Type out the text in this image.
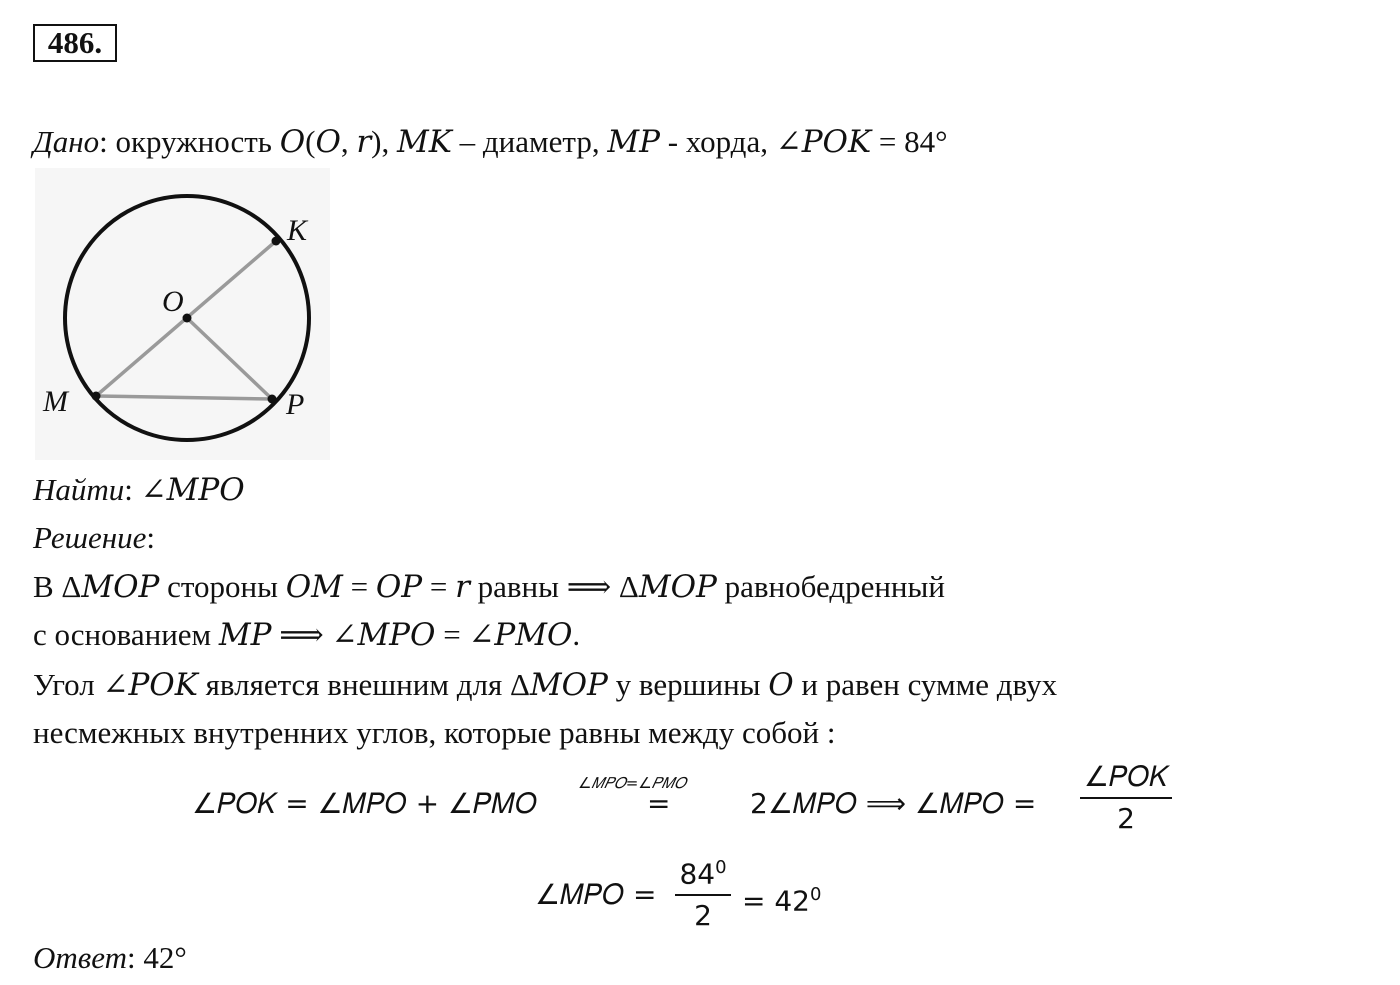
486.
Дано: окружность 𝑂(𝑂, 𝑟), 𝑀𝐾 – диаметр, 𝑀𝑃 - хорда, ∠𝑃𝑂𝐾 = 84°
K
O
M	P
Найти: ∠𝑀𝑃𝑂
Решение:
В Δ𝑀𝑂𝑃 стороны 𝑂𝑀 = 𝑂𝑃 = 𝑟 равны ⟹ Δ𝑀𝑂𝑃 равнобедренный
с основанием 𝑀𝑃 ⟹ ∠𝑀𝑃𝑂 = ∠𝑃𝑀𝑂.
Угол ∠𝑃𝑂𝐾 является внешним для Δ𝑀𝑂𝑃 у вершины 𝑂 и равен сумме двух
несмежных внутренних углов, которые равны между собой :
∠𝑃𝑂𝐾 = ∠𝑀𝑃𝑂 + ∠𝑃𝑀𝑂
∠𝑀𝑃𝑂=∠𝑃𝑀𝑂
=	2∠𝑀𝑃𝑂 ⟹ ∠𝑀𝑃𝑂 =
∠𝑃𝑂𝐾
2
∠𝑀𝑃𝑂 =
$84^0$
$2 = 42^0$
Ответ: 42°
